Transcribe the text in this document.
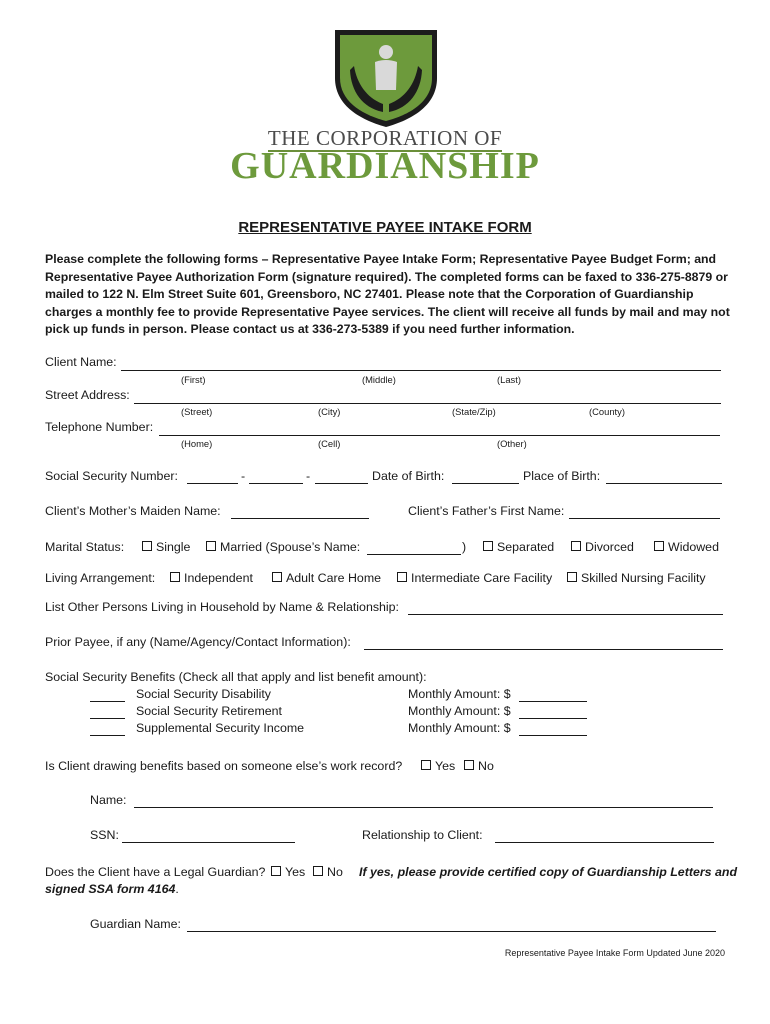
THE CORPORATION OF
GUARDIANSHIP
REPRESENTATIVE PAYEE INTAKE FORM
Please complete the following forms – Representative Payee Intake Form; Representative Payee Budget Form; and Representative Payee Authorization Form (signature required). The completed forms can be faxed to 336-275-8879 or mailed to 122 N. Elm Street Suite 601, Greensboro, NC 27401. Please note that the Corporation of Guardianship charges a monthly fee to provide Representative Payee services. The client will receive all funds by mail and may not pick up funds in person. Please contact us at 336-273-5389 if you need further information.
Client Name:
(First)	(Middle)	(Last)
Street Address:
(Street)	(City)	(State/Zip)	(County)
Telephone Number:
(Home)	(Cell)	(Other)
Social Security Number:	-	-	Date of Birth:	Place of Birth:
Client’s Mother’s Maiden Name:	Client’s Father’s First Name:
Marital Status:	Single	Married (Spouse’s Name:	)	Separated	Divorced	Widowed
Living Arrangement:	Independent	Adult Care Home	Intermediate Care Facility	Skilled Nursing Facility
List Other Persons Living in Household by Name & Relationship:
Prior Payee, if any (Name/Agency/Contact Information):
Social Security Benefits (Check all that apply and list benefit amount):
Social Security Disability	Monthly Amount: $
Social Security Retirement	Monthly Amount: $
Supplemental Security Income	Monthly Amount: $
Is Client drawing benefits based on someone else’s work record?	Yes	No
Name:
SSN:	Relationship to Client:
Does the Client have a Legal Guardian?	Yes	No If yes, please provide certified copy of Guardianship Letters and
signed SSA form 4164.
Guardian Name:
Representative Payee Intake Form Updated June 2020
